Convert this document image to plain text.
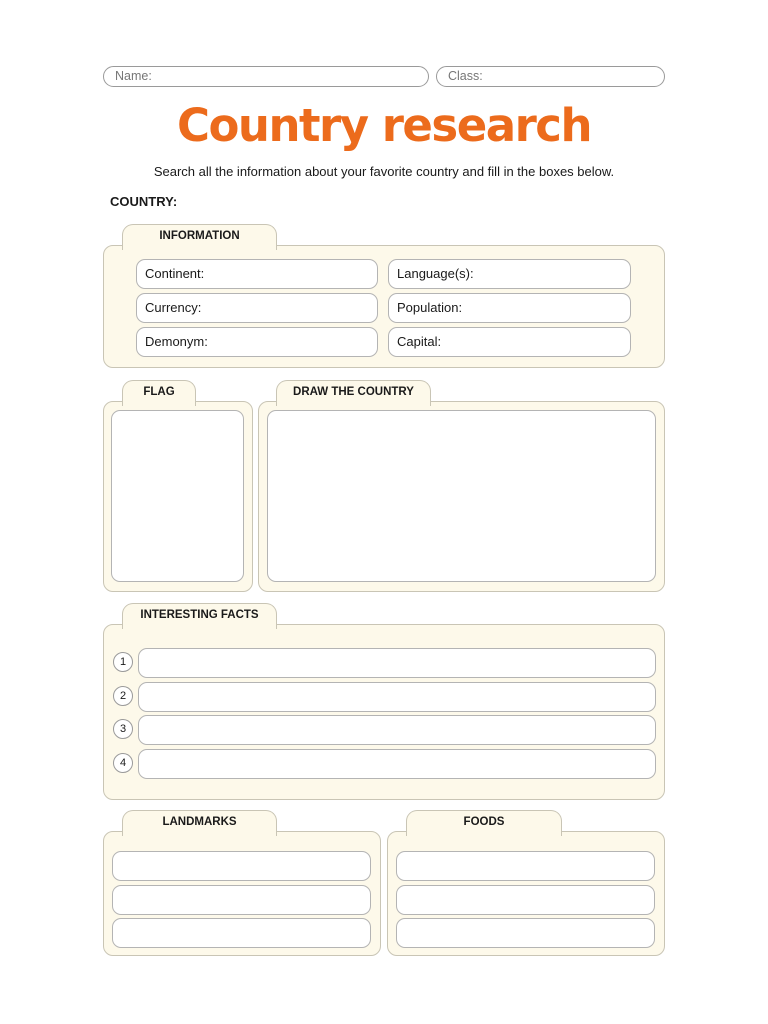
Name:	Class:
Country research
Search all the information about your favorite country and fill in the boxes below.
COUNTRY:
INFORMATION
Continent:	Language(s):
Currency:	Population:
Demonym:	Capital:
FLAG	DRAW THE COUNTRY
INTERESTING FACTS
1
2
3
4
LANDMARKS	FOODS
